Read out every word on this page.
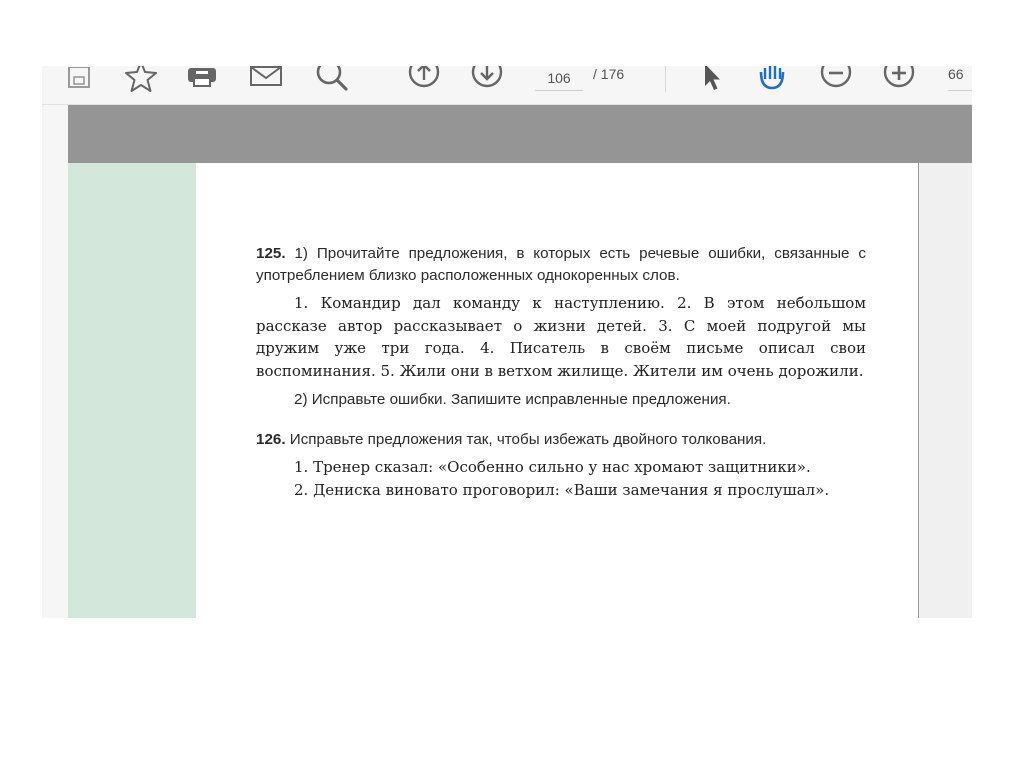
106
/ 176	66

125. 1) Прочитайте предложения, в которых есть речевые ошибки, связанные с употреблением близко расположенных однокоренных слов.

1. Командир дал команду к наступлению. 2. В этом небольшом рассказе автор рассказывает о жизни детей. 3. С моей подругой мы дружим уже три года. 4. Писатель в своём письме описал свои воспоминания. 5. Жили они в ветхом жилище. Жители им очень дорожили.

2) Исправьте ошибки. Запишите исправленные предложения.

126. Исправьте предложения так, чтобы избежать двойного толкования.

1. Тренер сказал: «Особенно сильно у нас хромают защитники».

2. Дениска виновато проговорил: «Ваши замечания я прослушал».
